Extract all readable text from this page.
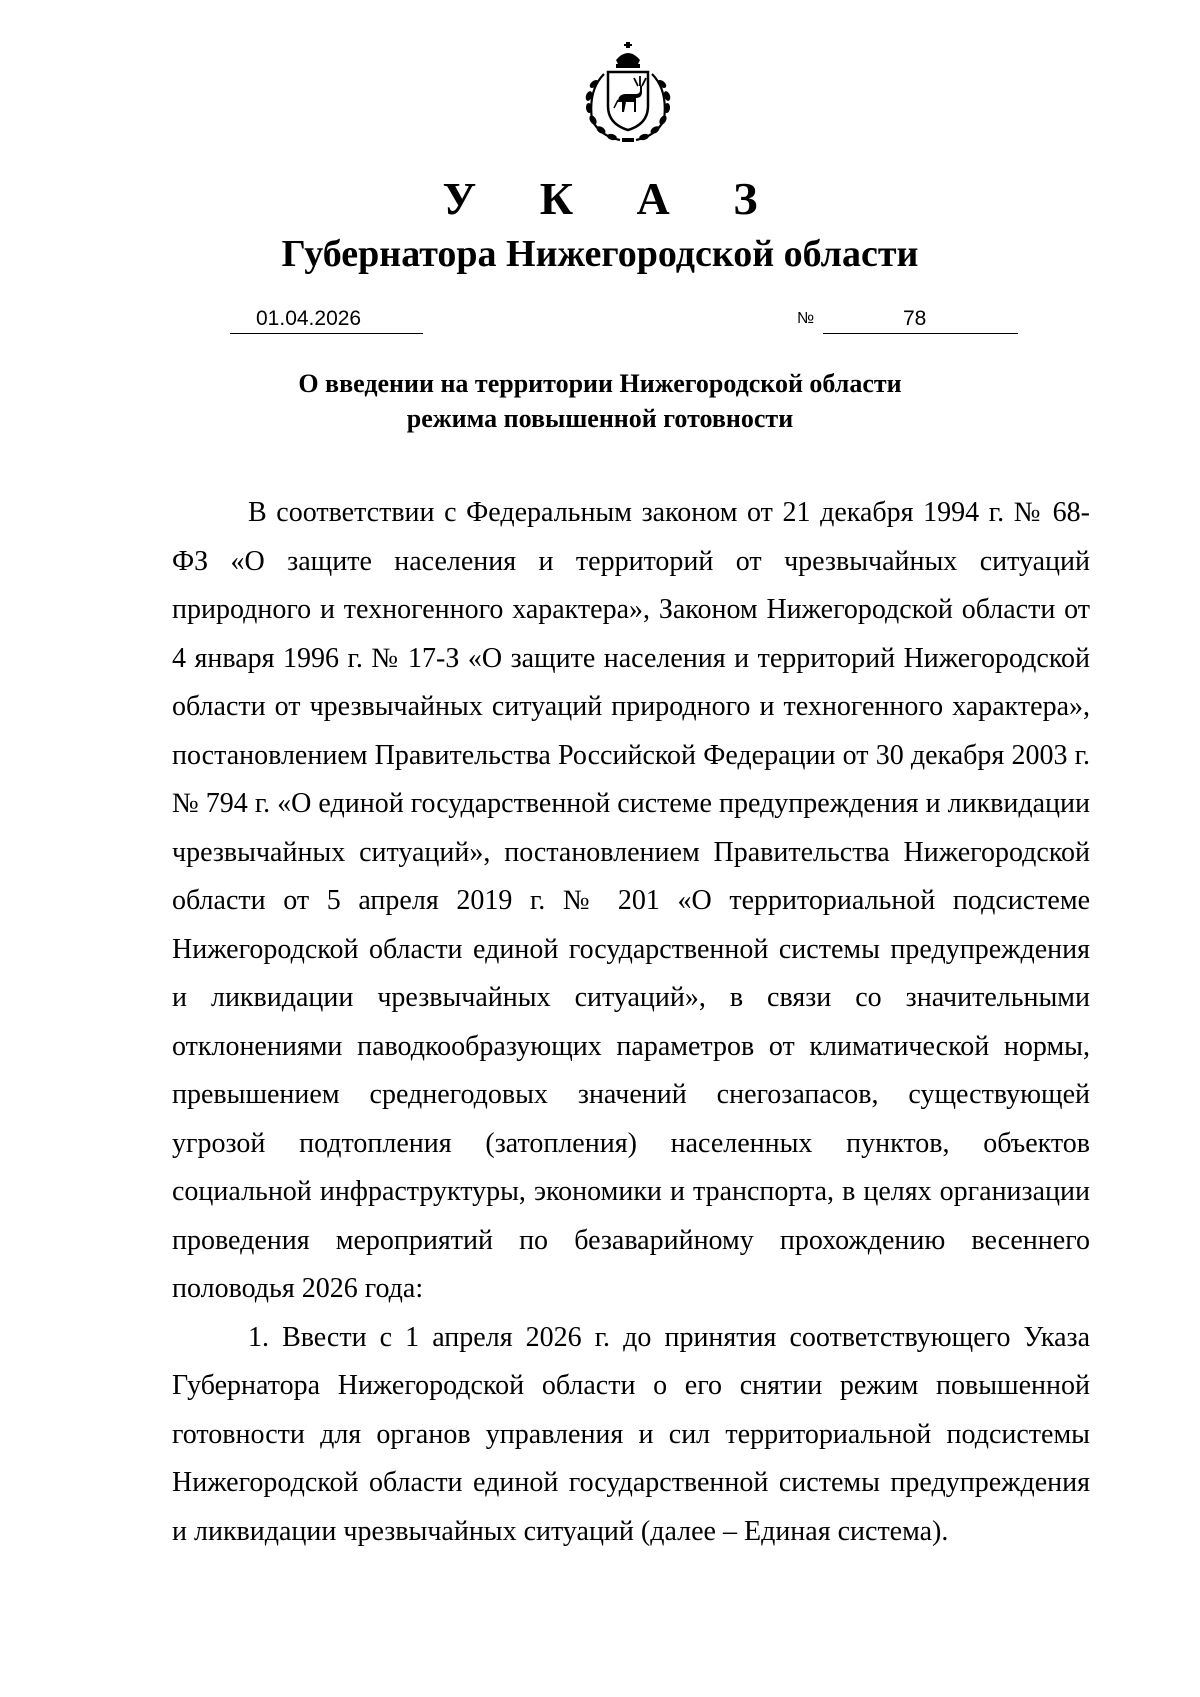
У К А З
Губернатора Нижегородской области
01.04.2026	№	78
О введении на территории Нижегородской области
режима повышенной готовности

В соответствии с Федеральным законом от 21 декабря 1994 г. № 68-ФЗ «О защите населения и территорий от чрезвычайных ситуаций природного и техногенного характера», Законом Нижегородской области от 4 января 1996 г. № 17-З «О защите населения и территорий Нижегородской области от чрезвычайных ситуаций природного и техногенного характера», постановлением Правительства Российской Федерации от 30 декабря 2003 г. № 794 г. «О единой государственной системе предупреждения и ликвидации чрезвычайных ситуаций», постановлением Правительства Нижегородской области от 5 апреля 2019 г. № 201 «О территориальной подсистеме Нижегородской области единой государственной системы предупреждения и ликвидации чрезвычайных ситуаций», в связи со значительными отклонениями паводкообразующих параметров от климатической нормы, превышением среднегодовых значений снегозапасов, существующей угрозой подтопления (затопления) населенных пунктов, объектов социальной инфраструктуры, экономики и транспорта, в целях организации проведения мероприятий по безаварийному прохождению весеннего половодья 2026 года:

1. Ввести с 1 апреля 2026 г. до принятия соответствующего Указа Губернатора Нижегородской области о его снятии режим повышенной готовности для органов управления и сил территориальной подсистемы Нижегородской области единой государственной системы предупреждения и ликвидации чрезвычайных ситуаций (далее – Единая система).
